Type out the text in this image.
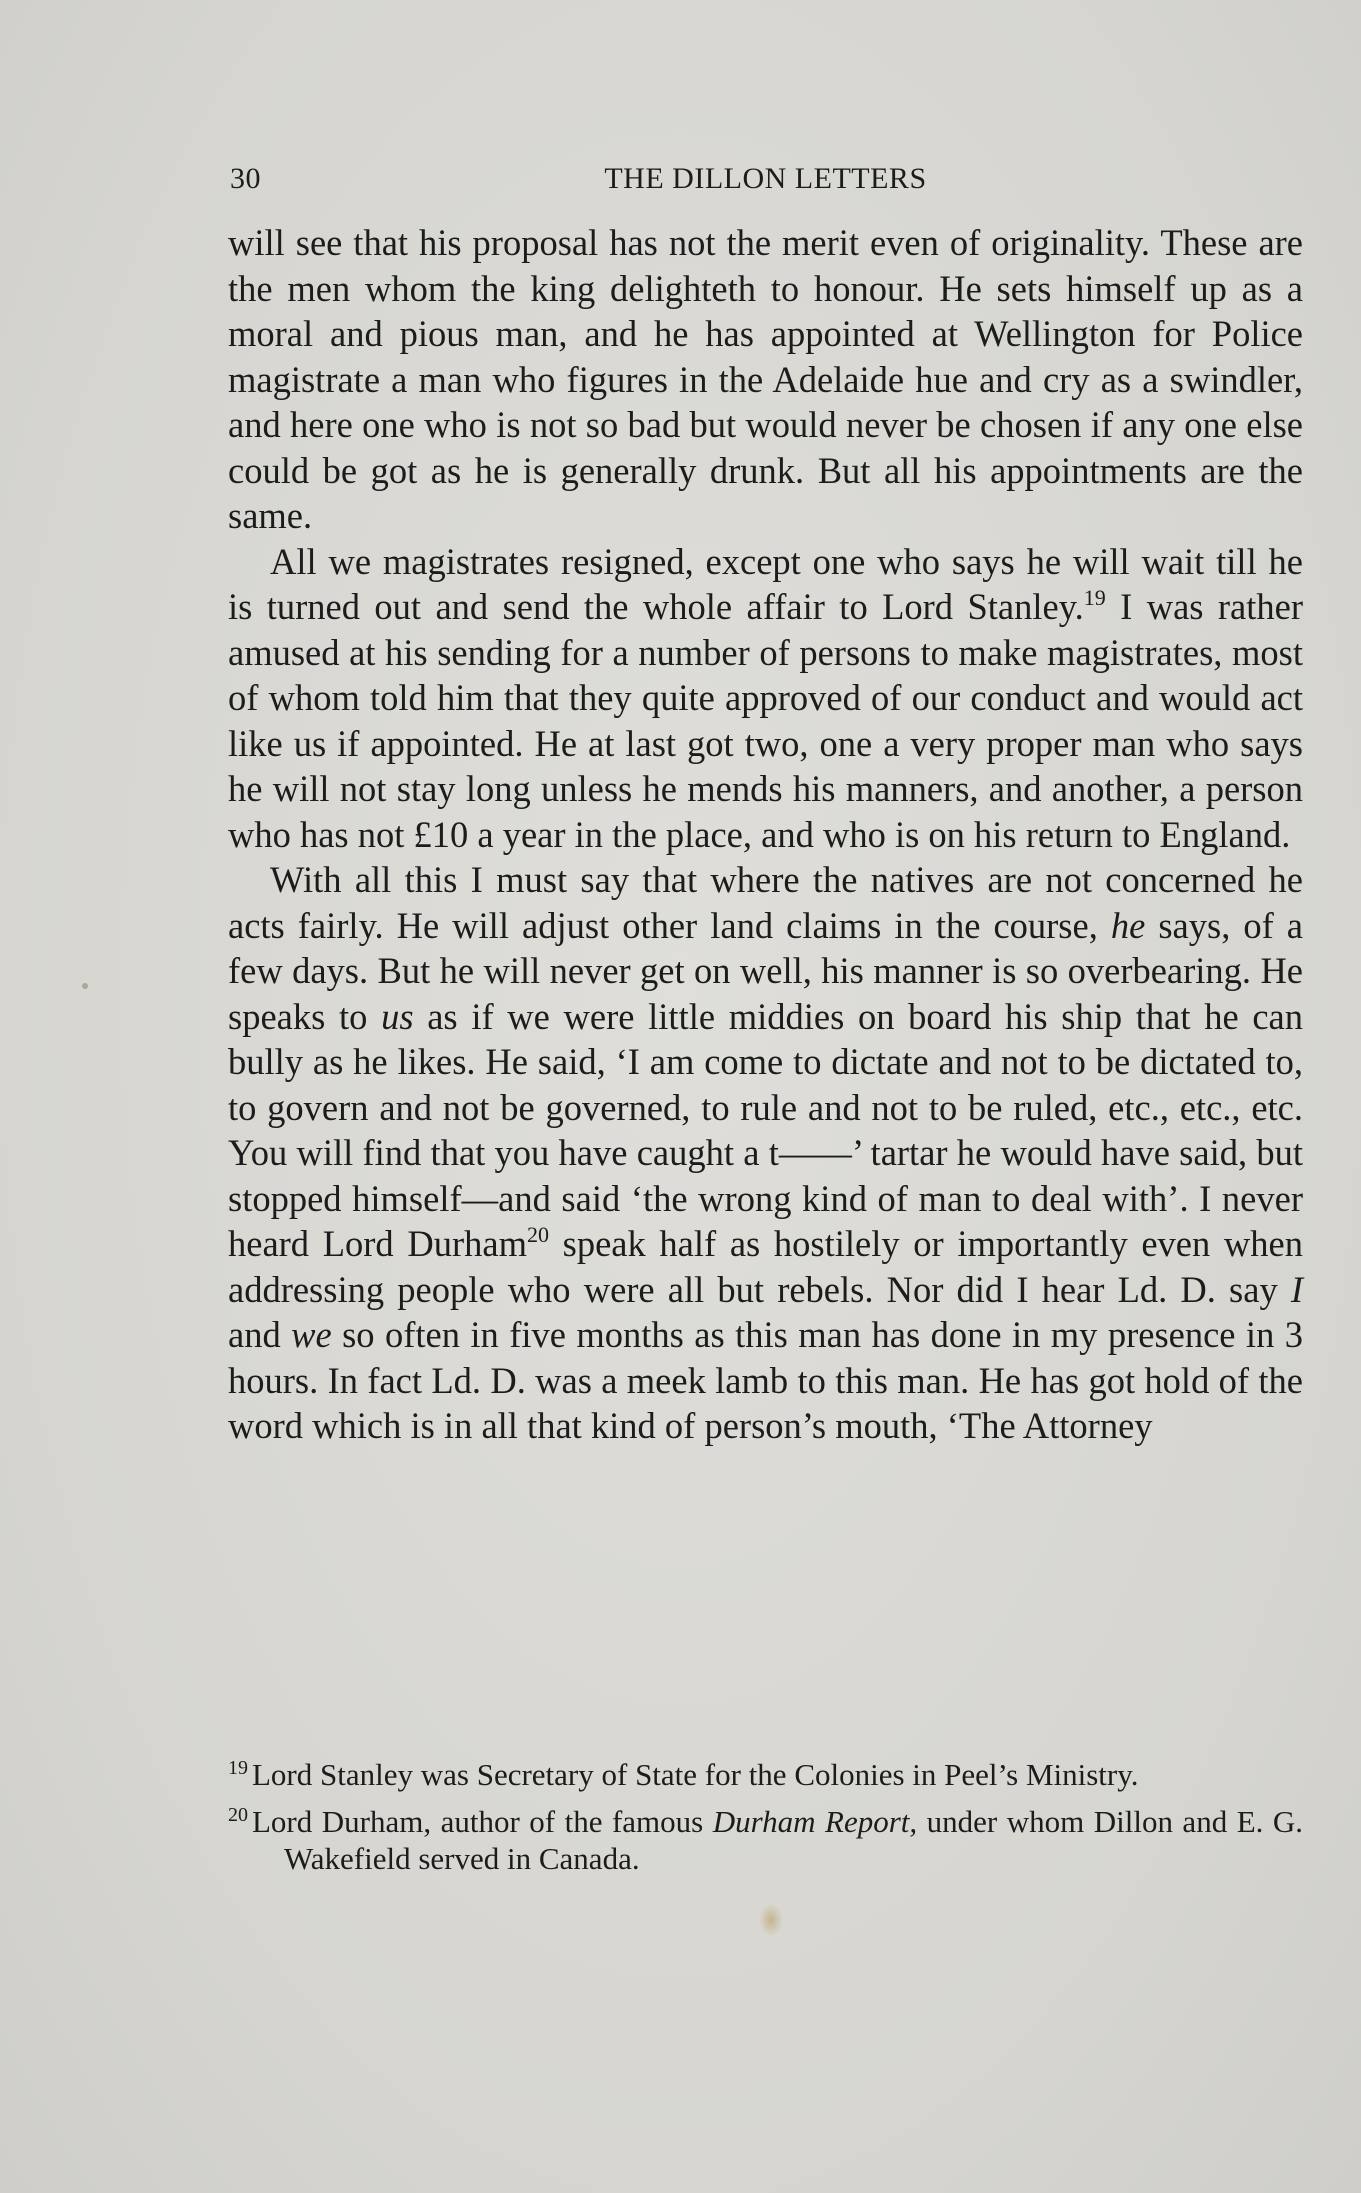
30	THE DILLON LETTERS

will see that his proposal has not the merit even of originality. These are the men whom the king delighteth to honour. He sets himself up as a moral and pious man, and he has appointed at Wellington for Police magistrate a man who figures in the Adelaide hue and cry as a swindler, and here one who is not so bad but would never be chosen if any one else could be got as he is generally drunk. But all his appointments are the same.

All we magistrates resigned, except one who says he will wait till he is turned out and send the whole affair to Lord Stanley.$^{19}$ I was rather amused at his sending for a number of persons to make magistrates, most of whom told him that they quite approved of our conduct and would act like us if appointed. He at last got two, one a very proper man who says he will not stay long unless he mends his manners, and another, a person who has not £10 a year in the place, and who is on his return to England.

With all this I must say that where the natives are not concerned he acts fairly. He will adjust other land claims in the course, he says, of a few days. But he will never get on well, his manner is so overbearing. He speaks to us as if we were little middies on board his ship that he can bully as he likes. He said, ‘I am come to dictate and not to be dictated to, to govern and not be governed, to rule and not to be ruled, etc., etc., etc. You will find that you have caught a t——’ tartar he would have said, but stopped himself—and said ‘the wrong kind of man to deal with’. I never heard Lord Durham$^{20}$ speak half as hostilely or importantly even when addressing people who were all but rebels. Nor did I hear Ld. D. say I and we so often in five months as this man has done in my presence in 3 hours. In fact Ld. D. was a meek lamb to this man. He has got hold of the word which is in all that kind of person’s mouth, ‘The Attorney

$^{19}$ Lord Stanley was Secretary of State for the Colonies in Peel’s Ministry.

$^{20}$ Lord Durham, author of the famous Durham Report, under whom Dillon and E. G. Wakefield served in Canada.
